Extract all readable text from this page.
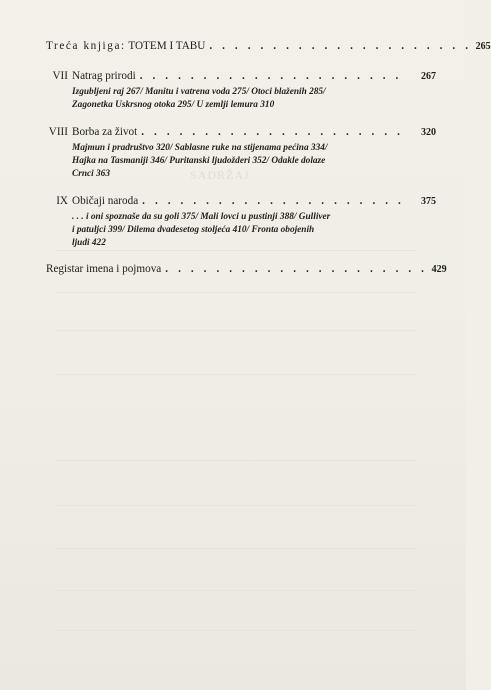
SADRŽAJ
Treća knjiga: TOTEM I TABU . . . . . . . . . . . . . . . . . . . . . 265
VII Natrag prirodi . . . . . . . . . . . . . . . . . . . . .	267
Izgubljeni raj 267/ Manitu i vatrena voda 275/ Otoci blaženih 285/
Zagonetka Uskrsnog otoka 295/ U zemlji lemura 310
VIII Borba za život . . . . . . . . . . . . . . . . . . . . .	320
Majmun i pradruštvo 320/ Sablasne ruke na stijenama pećina 334/
Hajka na Tasmaniji 346/ Puritanski ljudožderi 352/ Odakle dolaze
Crnci 363
IX Običaji naroda . . . . . . . . . . . . . . . . . . . . .	375
. . . i oni spoznaše da su goli 375/ Mali lovci u pustinji 388/ Gulliver
i patuljci 399/ Dilema dvadesetog stoljeća 410/ Fronta obojenih
ljudi 422
Registar imena i pojmova . . . . . . . . . . . . . . . . . . . . . 429
